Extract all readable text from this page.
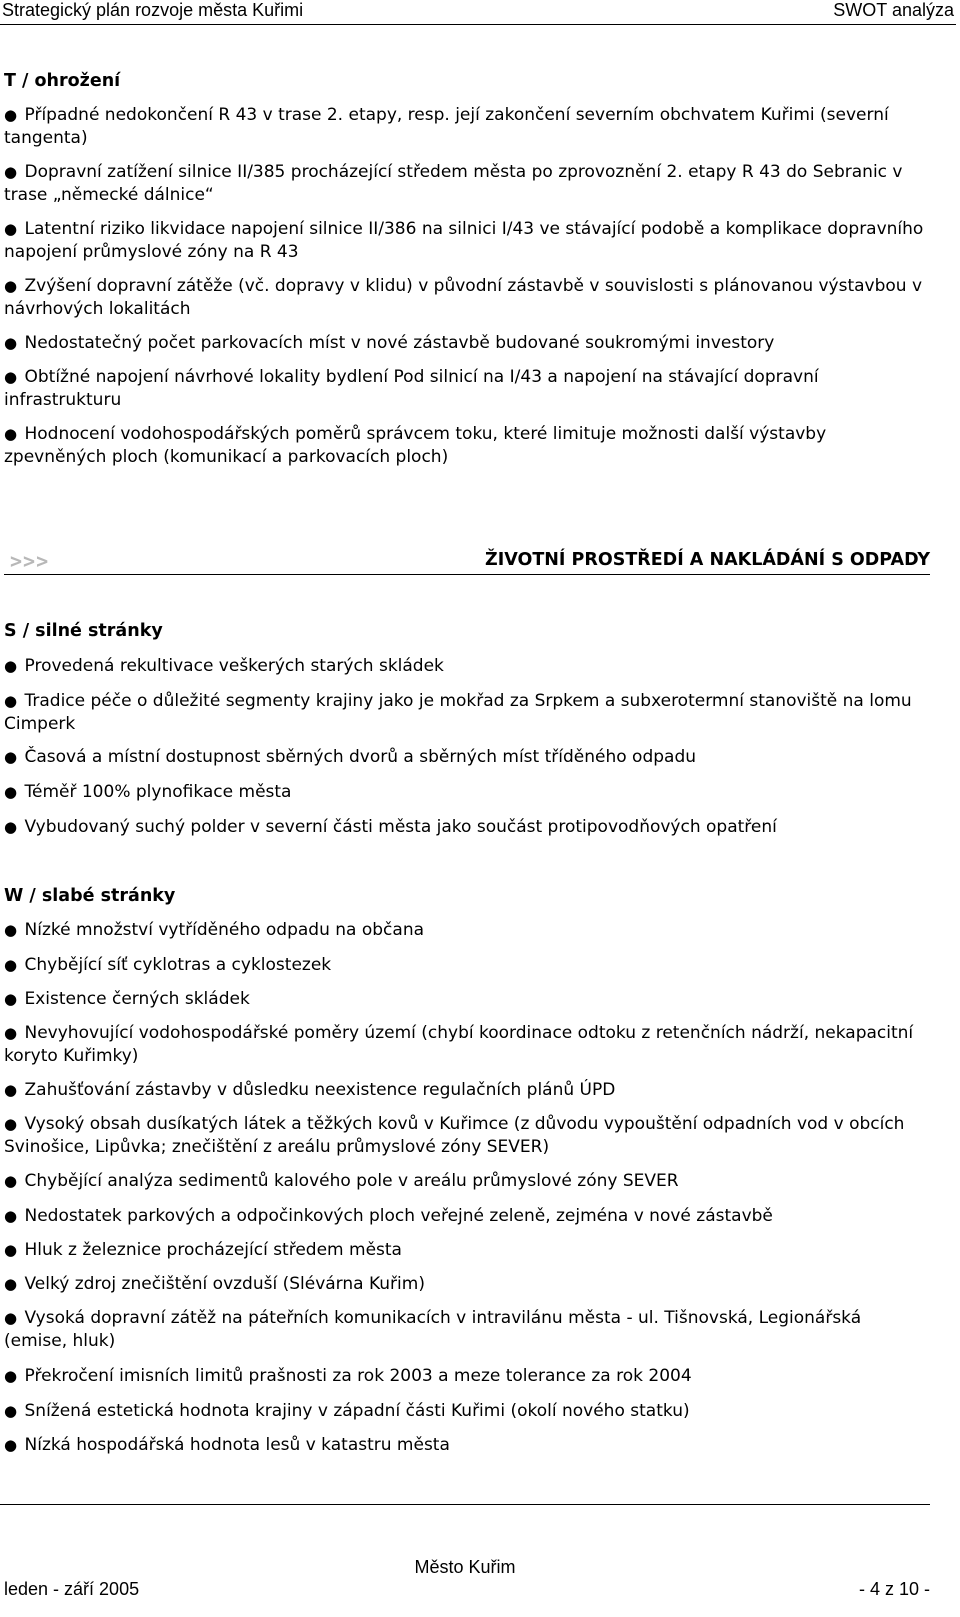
Strategický plán rozvoje města Kuřimi	SWOT analýza
T / ohrožení
● Případné nedokončení R 43 v trase 2. etapy, resp. její zakončení severním obchvatem Kuřimi (severní tangenta)
● Dopravní zatížení silnice II/385 procházející středem města po zprovoznění 2. etapy R 43 do Sebranic v trase „německé dálnice“
● Latentní riziko likvidace napojení silnice II/386 na silnici I/43 ve stávající podobě a komplikace dopravního napojení průmyslové zóny na R 43
● Zvýšení dopravní zátěže (vč. dopravy v klidu) v původní zástavbě v souvislosti s plánovanou výstavbou v návrhových lokalitách
● Nedostatečný počet parkovacích míst v nové zástavbě budované soukromými investory
● Obtížné napojení návrhové lokality bydlení Pod silnicí na I/43 a napojení na stávající dopravní infrastrukturu
● Hodnocení vodohospodářských poměrů správcem toku, které limituje možnosti další výstavby zpevněných ploch (komunikací a parkovacích ploch)
>>>	ŽIVOTNÍ PROSTŘEDÍ A NAKLÁDÁNÍ S ODPADY
S / silné stránky
● Provedená rekultivace veškerých starých skládek
● Tradice péče o důležité segmenty krajiny jako je mokřad za Srpkem a subxerotermní stanoviště na lomu Cimperk
● Časová a místní dostupnost sběrných dvorů a sběrných míst tříděného odpadu
● Téměř 100% plynofikace města
● Vybudovaný suchý polder v severní části města jako součást protipovodňových opatření
W / slabé stránky
● Nízké množství vytříděného odpadu na občana
● Chybějící síť cyklotras a cyklostezek
● Existence černých skládek
● Nevyhovující vodohospodářské poměry území (chybí koordinace odtoku z retenčních nádrží, nekapacitní koryto Kuřimky)
● Zahušťování zástavby v důsledku neexistence regulačních plánů ÚPD
● Vysoký obsah dusíkatých látek a těžkých kovů v Kuřimce (z důvodu vypouštění odpadních vod v obcích Svinošice, Lipůvka; znečištění z areálu průmyslové zóny SEVER)
● Chybějící analýza sedimentů kalového pole v areálu průmyslové zóny SEVER
● Nedostatek parkových a odpočinkových ploch veřejné zeleně, zejména v nové zástavbě
● Hluk z železnice procházející středem města
● Velký zdroj znečištění ovzduší (Slévárna Kuřim)
● Vysoká dopravní zátěž na páteřních komunikacích v intravilánu města - ul. Tišnovská, Legionářská (emise, hluk)
● Překročení imisních limitů prašnosti za rok 2003 a meze tolerance za rok 2004
● Snížená estetická hodnota krajiny v západní části Kuřimi (okolí nového statku)
● Nízká hospodářská hodnota lesů v katastru města
Město Kuřim
leden - září 2005	- 4 z 10 -
